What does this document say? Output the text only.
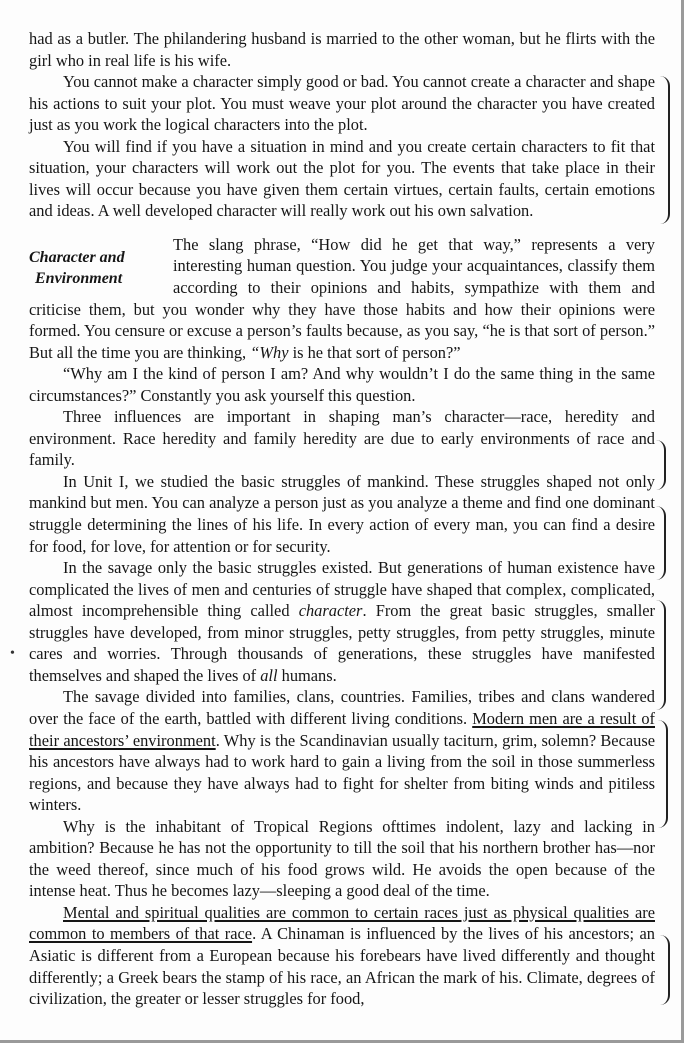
had as a butler. The philandering husband is married to the other woman, but he flirts with the girl who in real life is his wife.

You cannot make a character simply good or bad. You cannot create a character and shape his actions to suit your plot. You must weave your plot around the character you have created just as you work the logical characters into the plot.

You will find if you have a situation in mind and you create certain characters to fit that situation, your characters will work out the plot for you. The events that take place in their lives will occur because you have given them certain virtues, certain faults, certain emotions and ideas. A well developed character will really work out his own salvation.

Character and
Environment

The slang phrase, “How did he get that way,” represents a very interesting human question. You judge your acquaintances, classify them according to their opinions and habits, sympathize with them and criticise them, but you wonder why they have those habits and how their opinions were formed. You censure or excuse a person’s faults because, as you say, “he is that sort of person.” But all the time you are thinking, “Why is he that sort of person?”

“Why am I the kind of person I am? And why wouldn’t I do the same thing in the same circumstances?” Constantly you ask yourself this question.

Three influences are important in shaping man’s character—race, heredity and environment. Race heredity and family heredity are due to early environments of race and family.

In Unit I, we studied the basic struggles of mankind. These struggles shaped not only mankind but men. You can analyze a person just as you analyze a theme and find one dominant struggle determining the lines of his life. In every action of every man, you can find a desire for food, for love, for attention or for security.

In the savage only the basic struggles existed. But generations of human existence have complicated the lives of men and centuries of struggle have shaped that complex, complicated, almost incomprehensible thing called character. From the great basic struggles, smaller struggles have developed, from minor struggles, petty struggles, from petty struggles, minute cares and worries. Through thousands of generations, these struggles have manifested themselves and shaped the lives of all humans.

The savage divided into families, clans, countries. Families, tribes and clans wandered over the face of the earth, battled with different living conditions. Modern men are a result of their ancestors’ environment. Why is the Scandinavian usually taciturn, grim, solemn? Because his ancestors have always had to work hard to gain a living from the soil in those summerless regions, and because they have always had to fight for shelter from biting winds and pitiless winters.

Why is the inhabitant of Tropical Regions ofttimes indolent, lazy and lacking in ambition? Because he has not the opportunity to till the soil that his northern brother has—nor the weed thereof, since much of his food grows wild. He avoids the open because of the intense heat. Thus he becomes lazy—sleeping a good deal of the time.

Mental and spiritual qualities are common to certain races just as physical qualities are common to members of that race. A Chinaman is influenced by the lives of his ancestors; an Asiatic is different from a European because his forebears have lived differently and thought differently; a Greek bears the stamp of his race, an African the mark of his. Climate, degrees of civilization, the greater or lesser struggles for food,

•
